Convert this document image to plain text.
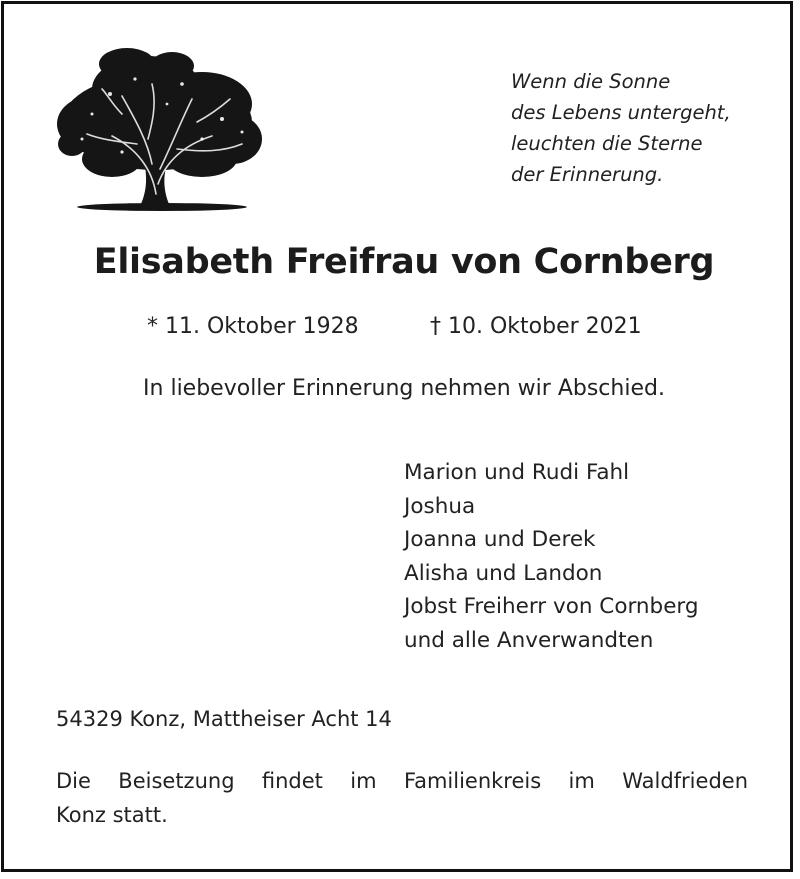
Wenn die Sonne
des Lebens untergeht,
leuchten die Sterne
der Erinnerung.
Elisabeth Freifrau von Cornberg
* 11. Oktober 1928	† 10. Oktober 2021
In liebevoller Erinnerung nehmen wir Abschied.
Marion und Rudi Fahl
Joshua
Joanna und Derek
Alisha und Landon
Jobst Freiherr von Cornberg
und alle Anverwandten
54329 Konz, Mattheiser Acht 14
Die Beisetzung findet im Familienkreis im Waldfrieden
Konz statt.
